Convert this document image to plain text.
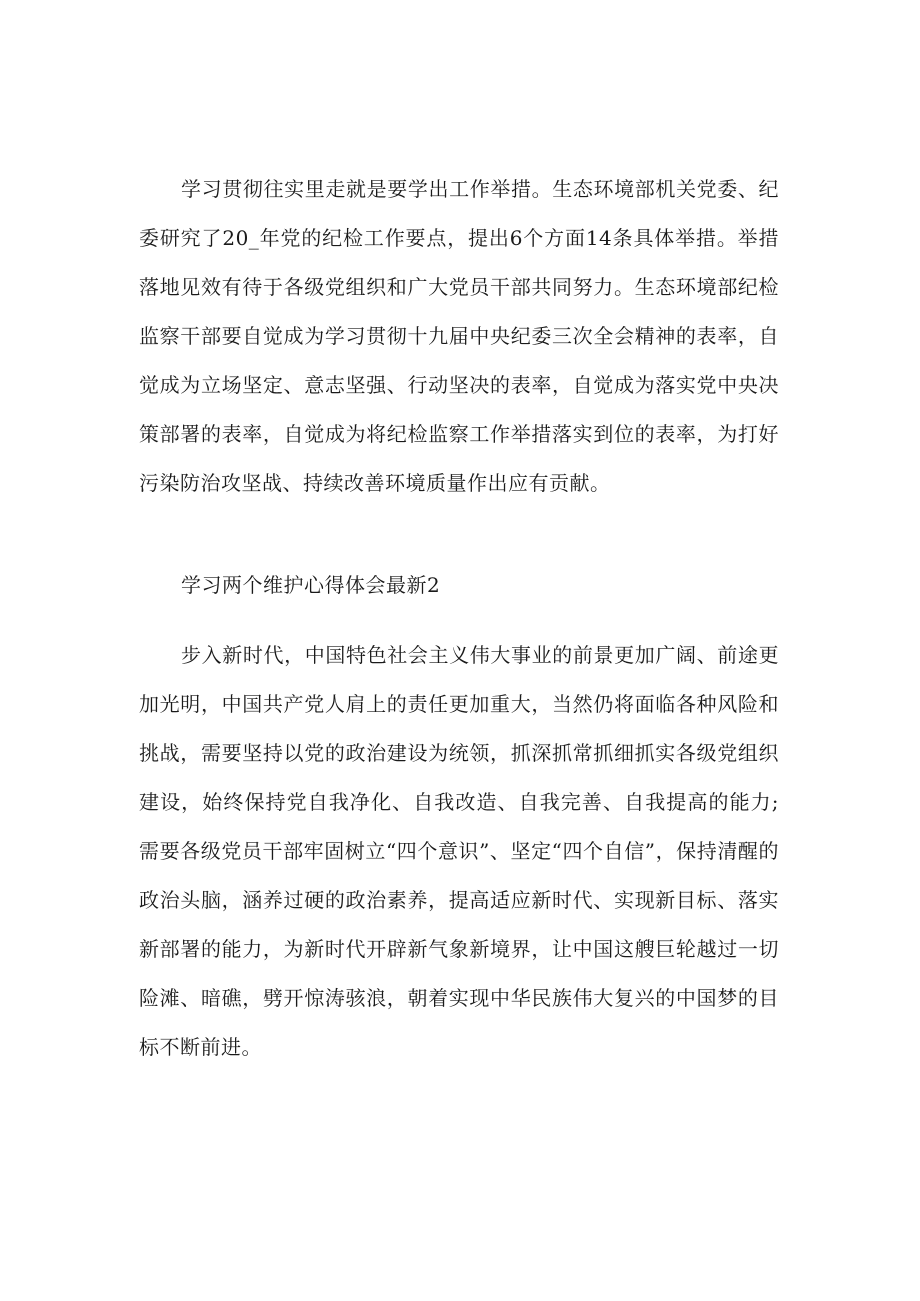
学习贯彻往实里走就是要学出工作举措。生态环境部机关党委、纪委研究了20_年党的纪检工作要点，提出6个方面14条具体举措。举措落地见效有待于各级党组织和广大党员干部共同努力。生态环境部纪检监察干部要自觉成为学习贯彻十九届中央纪委三次全会精神的表率，自觉成为立场坚定、意志坚强、行动坚决的表率，自觉成为落实党中央决策部署的表率，自觉成为将纪检监察工作举措落实到位的表率，为打好污染防治攻坚战、持续改善环境质量作出应有贡献。

学习两个维护心得体会最新2

步入新时代，中国特色社会主义伟大事业的前景更加广阔、前途更加光明，中国共产党人肩上的责任更加重大，当然仍将面临各种风险和挑战，需要坚持以党的政治建设为统领，抓深抓常抓细抓实各级党组织建设，始终保持党自我净化、自我改造、自我完善、自我提高的能力;需要各级党员干部牢固树立“四个意识”、坚定“四个自信”，保持清醒的政治头脑，涵养过硬的政治素养，提高适应新时代、实现新目标、落实新部署的能力，为新时代开辟新气象新境界，让中国这艘巨轮越过一切险滩、暗礁，劈开惊涛骇浪，朝着实现中华民族伟大复兴的中国梦的目标不断前进。
